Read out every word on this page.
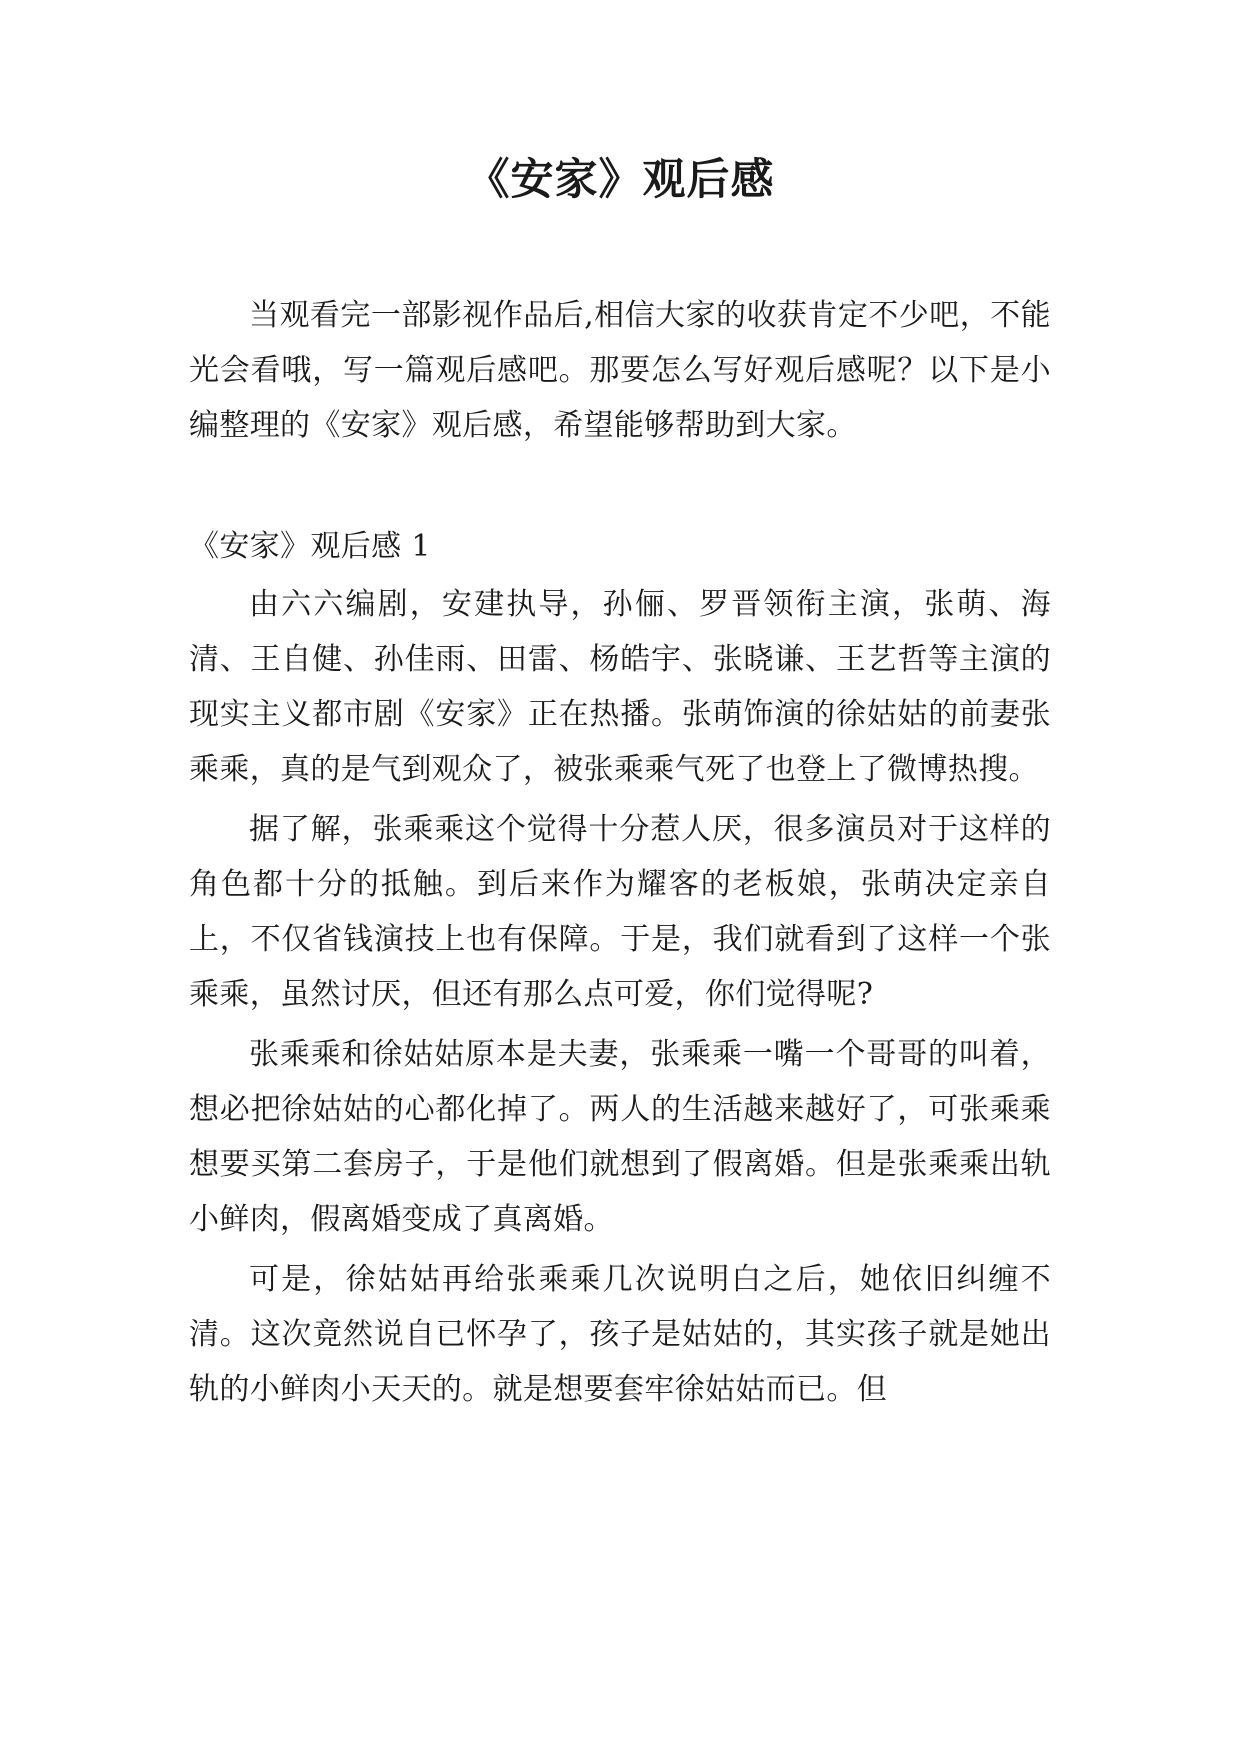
《安家》观后感

当观看完一部影视作品后,相信大家的收获肯定不少吧，不能光会看哦，写一篇观后感吧。那要怎么写好观后感呢？以下是小编整理的《安家》观后感，希望能够帮助到大家。

《安家》观后感 1

由六六编剧，安建执导，孙俪、罗晋领衔主演，张萌、海清、王自健、孙佳雨、田雷、杨皓宇、张晓谦、王艺哲等主演的现实主义都市剧《安家》正在热播。张萌饰演的徐姑姑的前妻张乘乘，真的是气到观众了，被张乘乘气死了也登上了微博热搜。

据了解，张乘乘这个觉得十分惹人厌，很多演员对于这样的角色都十分的抵触。到后来作为耀客的老板娘，张萌决定亲自上，不仅省钱演技上也有保障。于是，我们就看到了这样一个张乘乘，虽然讨厌，但还有那么点可爱，你们觉得呢?

张乘乘和徐姑姑原本是夫妻，张乘乘一嘴一个哥哥的叫着，想必把徐姑姑的心都化掉了。两人的生活越来越好了，可张乘乘想要买第二套房子，于是他们就想到了假离婚。但是张乘乘出轨小鲜肉，假离婚变成了真离婚。

可是，徐姑姑再给张乘乘几次说明白之后，她依旧纠缠不清。这次竟然说自已怀孕了，孩子是姑姑的，其实孩子就是她出轨的小鲜肉小天天的。就是想要套牢徐姑姑而已。但
